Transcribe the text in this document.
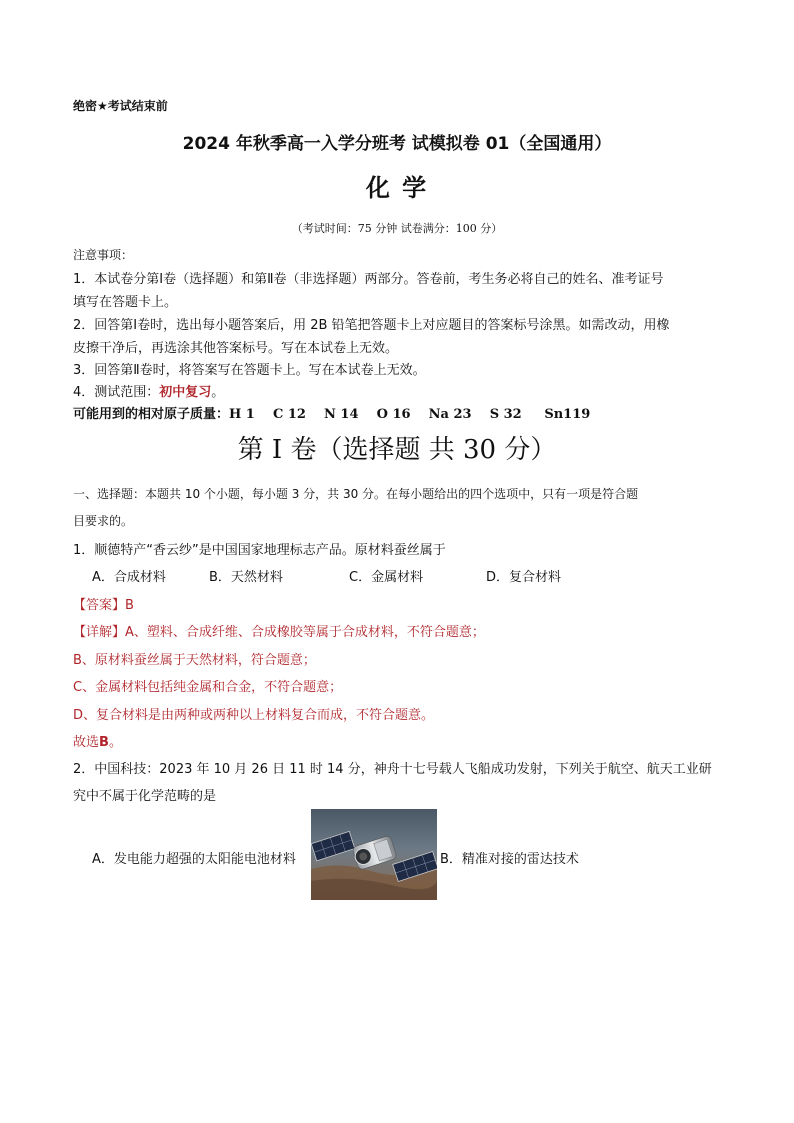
绝密★考试结束前
2024 年秋季高一入学分班考 试模拟卷 01（全国通用）
化 学
（考试时间：75 分钟 试卷满分：100 分）
注意事项：
1．本试卷分第Ⅰ卷（选择题）和第Ⅱ卷（非选择题）两部分。答卷前，考生务必将自己的姓名、准考证号
填写在答题卡上。
2．回答第Ⅰ卷时，选出每小题答案后，用 2B 铅笔把答题卡上对应题目的答案标号涂黑。如需改动，用橡
皮擦干净后，再选涂其他答案标号。写在本试卷上无效。
3．回答第Ⅱ卷时，将答案写在答题卡上。写在本试卷上无效。
4．测试范围：初中复习。
可能用到的相对原子质量：H 1    C 12    N 14    O 16    Na 23    S 32     Sn119
第 I 卷（选择题 共 30 分）
一、选择题：本题共 10 个小题，每小题 3 分，共 30 分。在每小题给出的四个选项中，只有一项是符合题
目要求的。
1．顺德特产“香云纱”是中国国家地理标志产品。原材料蚕丝属于
A．合成材料	B．天然材料	C．金属材料	D．复合材料
【答案】B
【详解】A、塑料、合成纤维、合成橡胶等属于合成材料，不符合题意；
B、原材料蚕丝属于天然材料，符合题意；
C、金属材料包括纯金属和合金，不符合题意；
D、复合材料是由两种或两种以上材料复合而成，不符合题意。
故选B。
2．中国科技：2023 年 10 月 26 日 11 时 14 分，神舟十七号载人飞船成功发射，下列关于航空、航天工业研
究中不属于化学范畴的是
A．发电能力超强的太阳能电池材料	B．精准对接的雷达技术
